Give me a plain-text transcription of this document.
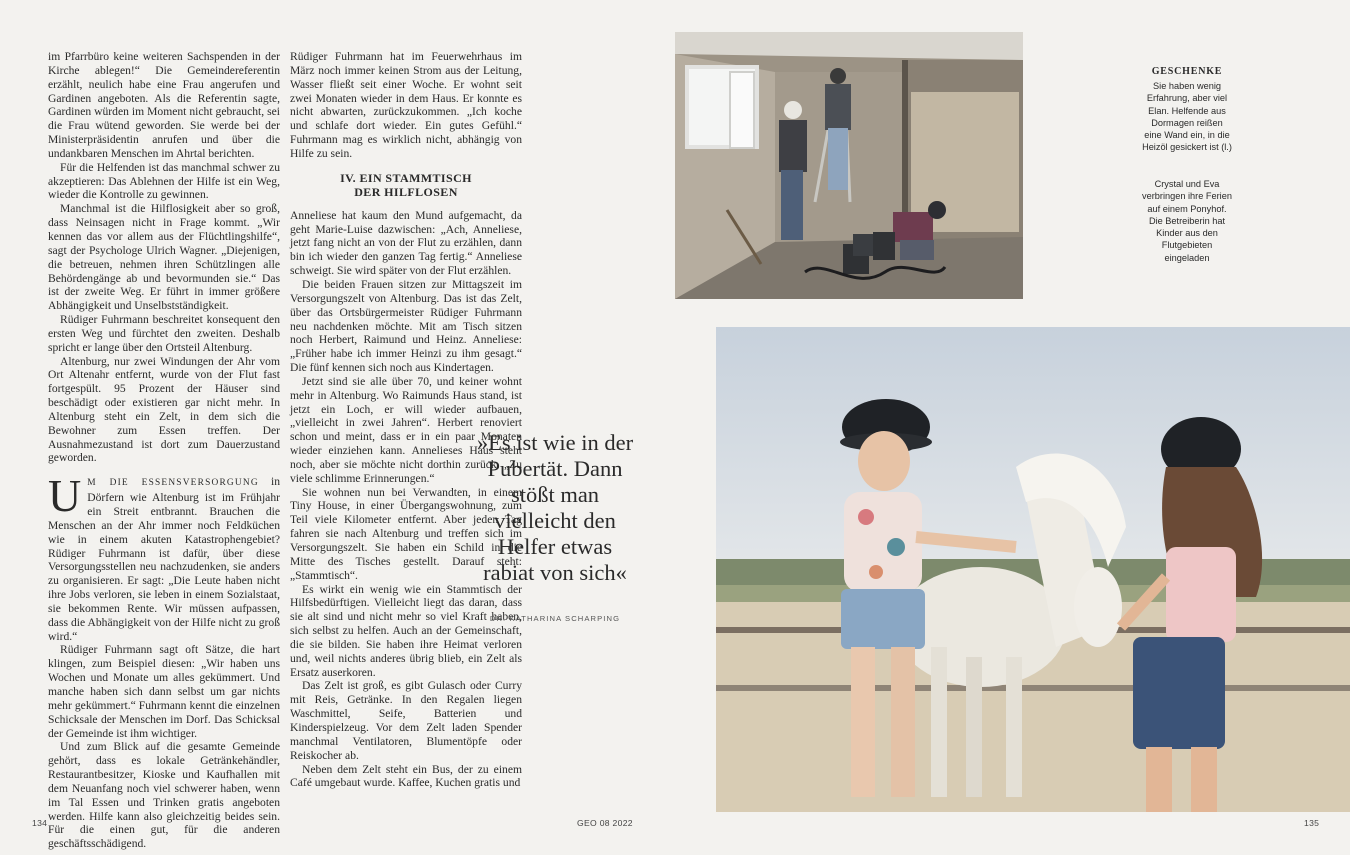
im Pfarrbüro keine weiteren Sachspenden in der Kirche ablegen!“ Die Gemeindereferentin erzählt, neulich habe eine Frau angerufen und Gardinen angeboten. Als die Referentin sagte, Gardinen würden im Moment nicht gebraucht, sei die Frau wütend geworden. Sie werde bei der Ministerpräsidentin anrufen und über die undankbaren Menschen im Ahrtal berichten.

Für die Helfenden ist das manchmal schwer zu akzeptieren: Das Ablehnen der Hilfe ist ein Weg, wieder die Kontrolle zu gewinnen.

Manchmal ist die Hilflosigkeit aber so groß, dass Neinsagen nicht in Frage kommt. „Wir kennen das vor allem aus der Flüchtlingshilfe“, sagt der Psychologe Ulrich Wagner. „Diejenigen, die betreuen, nehmen ihren Schützlingen alle Behördengänge ab und bevormunden sie.“ Das ist der zweite Weg. Er führt in immer größere Abhängigkeit und Unselbstständigkeit.

Rüdiger Fuhrmann beschreitet konsequent den ersten Weg und fürchtet den zweiten. Deshalb spricht er lange über den Ortsteil Altenburg.

Altenburg, nur zwei Windungen der Ahr vom Ort Altenahr entfernt, wurde von der Flut fast fortgespült. 95 Prozent der Häuser sind beschädigt oder existieren gar nicht mehr. In Altenburg steht ein Zelt, in dem sich die Bewohner zum Essen treffen. Der Ausnahmezustand ist dort zum Dauerzustand geworden.

UM DIE ESSENSVERSORGUNG in Dörfern wie Altenburg ist im Frühjahr ein Streit entbrannt. Brauchen die Menschen an der Ahr immer noch Feldküchen wie in einem akuten Katastrophengebiet? Rüdiger Fuhrmann ist dafür, über diese Versorgungsstellen neu nachzudenken, sie anders zu organisieren. Er sagt: „Die Leute haben nicht ihre Jobs verloren, sie leben in einem Sozialstaat, sie bekommen Rente. Wir müssen aufpassen, dass die Abhängigkeit von der Hilfe nicht zu groß wird.“

Rüdiger Fuhrmann sagt oft Sätze, die hart klingen, zum Beispiel diesen: „Wir haben uns Wochen und Monate um alles gekümmert. Und manche haben sich dann selbst um gar nichts mehr gekümmert.“ Fuhrmann kennt die einzelnen Schicksale der Menschen im Dorf. Das Schicksal der Gemeinde ist ihm wichtiger.

Und zum Blick auf die gesamte Gemeinde gehört, dass es lokale Getränkehändler, Restaurantbesitzer, Kioske und Kaufhallen mit dem Neuanfang noch viel schwerer haben, wenn im Tal Essen und Trinken gratis angeboten werden. Hilfe kann also gleichzeitig beides sein. Für die einen gut, für die anderen geschäftsschädigend.

Rüdiger Fuhrmann hat im Feuerwehrhaus im März noch immer keinen Strom aus der Leitung, Wasser fließt seit einer Woche. Er wohnt seit zwei Monaten wieder in dem Haus. Er konnte es nicht abwarten, zurückzukommen. „Ich koche und schlafe dort wieder. Ein gutes Gefühl.“ Fuhrmann mag es wirklich nicht, abhängig von Hilfe zu sein.

IV. EIN STAMMTISCH
DER HILFLOSEN

Anneliese hat kaum den Mund aufgemacht, da geht Marie-Luise dazwischen: „Ach, Anneliese, jetzt fang nicht an von der Flut zu erzählen, dann bin ich wieder den ganzen Tag fertig.“ Anneliese schweigt. Sie wird später von der Flut erzählen.

Die beiden Frauen sitzen zur Mittagszeit im Versorgungszelt von Altenburg. Das ist das Zelt, über das Ortsbürgermeister Rüdiger Fuhrmann neu nachdenken möchte. Mit am Tisch sitzen noch Herbert, Raimund und Heinz. Anneliese: „Früher habe ich immer Heinzi zu ihm gesagt.“ Die fünf kennen sich noch aus Kindertagen.

Jetzt sind sie alle über 70, und keiner wohnt mehr in Altenburg. Wo Raimunds Haus stand, ist jetzt ein Loch, er will wieder aufbauen, „vielleicht in zwei Jahren“. Herbert renoviert schon und meint, dass er in ein paar Monaten wieder einziehen kann. Annelieses Haus steht noch, aber sie möchte nicht dorthin zurück. „Zu viele schlimme Erinnerungen.“

Sie wohnen nun bei Verwandten, in einem Tiny House, in einer Übergangswohnung, zum Teil viele Kilometer entfernt. Aber jeden Tag fahren sie nach Altenburg und treffen sich im Versorgungszelt. Sie haben ein Schild in die Mitte des Tisches gestellt. Darauf steht: „Stammtisch“.

Es wirkt ein wenig wie ein Stammtisch der Hilfsbedürftigen. Vielleicht liegt das daran, dass sie alt sind und nicht mehr so viel Kraft haben, sich selbst zu helfen. Auch an der Gemeinschaft, die sie bilden. Sie haben ihre Heimat verloren und, weil nichts anderes übrig blieb, ein Zelt als Ersatz auserkoren.

Das Zelt ist groß, es gibt Gulasch oder Curry mit Reis, Getränke. In den Regalen liegen Waschmittel, Seife, Batterien und Kinderspielzeug. Vor dem Zelt laden Spender manchmal Ventilatoren, Blumentöpfe oder Reiskocher ab.

Neben dem Zelt steht ein Bus, der zu einem Café umgebaut wurde. Kaffee, Kuchen gratis und

»Es ist wie in der Pubertät. Dann stößt man vielleicht den Helfer etwas rabiat von sich«
DR. KATHARINA SCHARPING
134	GEO 08 2022	135
GESCHENKE
Sie haben wenig Erfahrung, aber viel Elan. Helfende aus Dormagen reißen eine Wand ein, in die Heizöl gesickert ist (l.)
Crystal und Eva verbringen ihre Ferien auf einem Ponyhof. Die Betreiberin hat Kinder aus den Flutgebieten eingeladen
